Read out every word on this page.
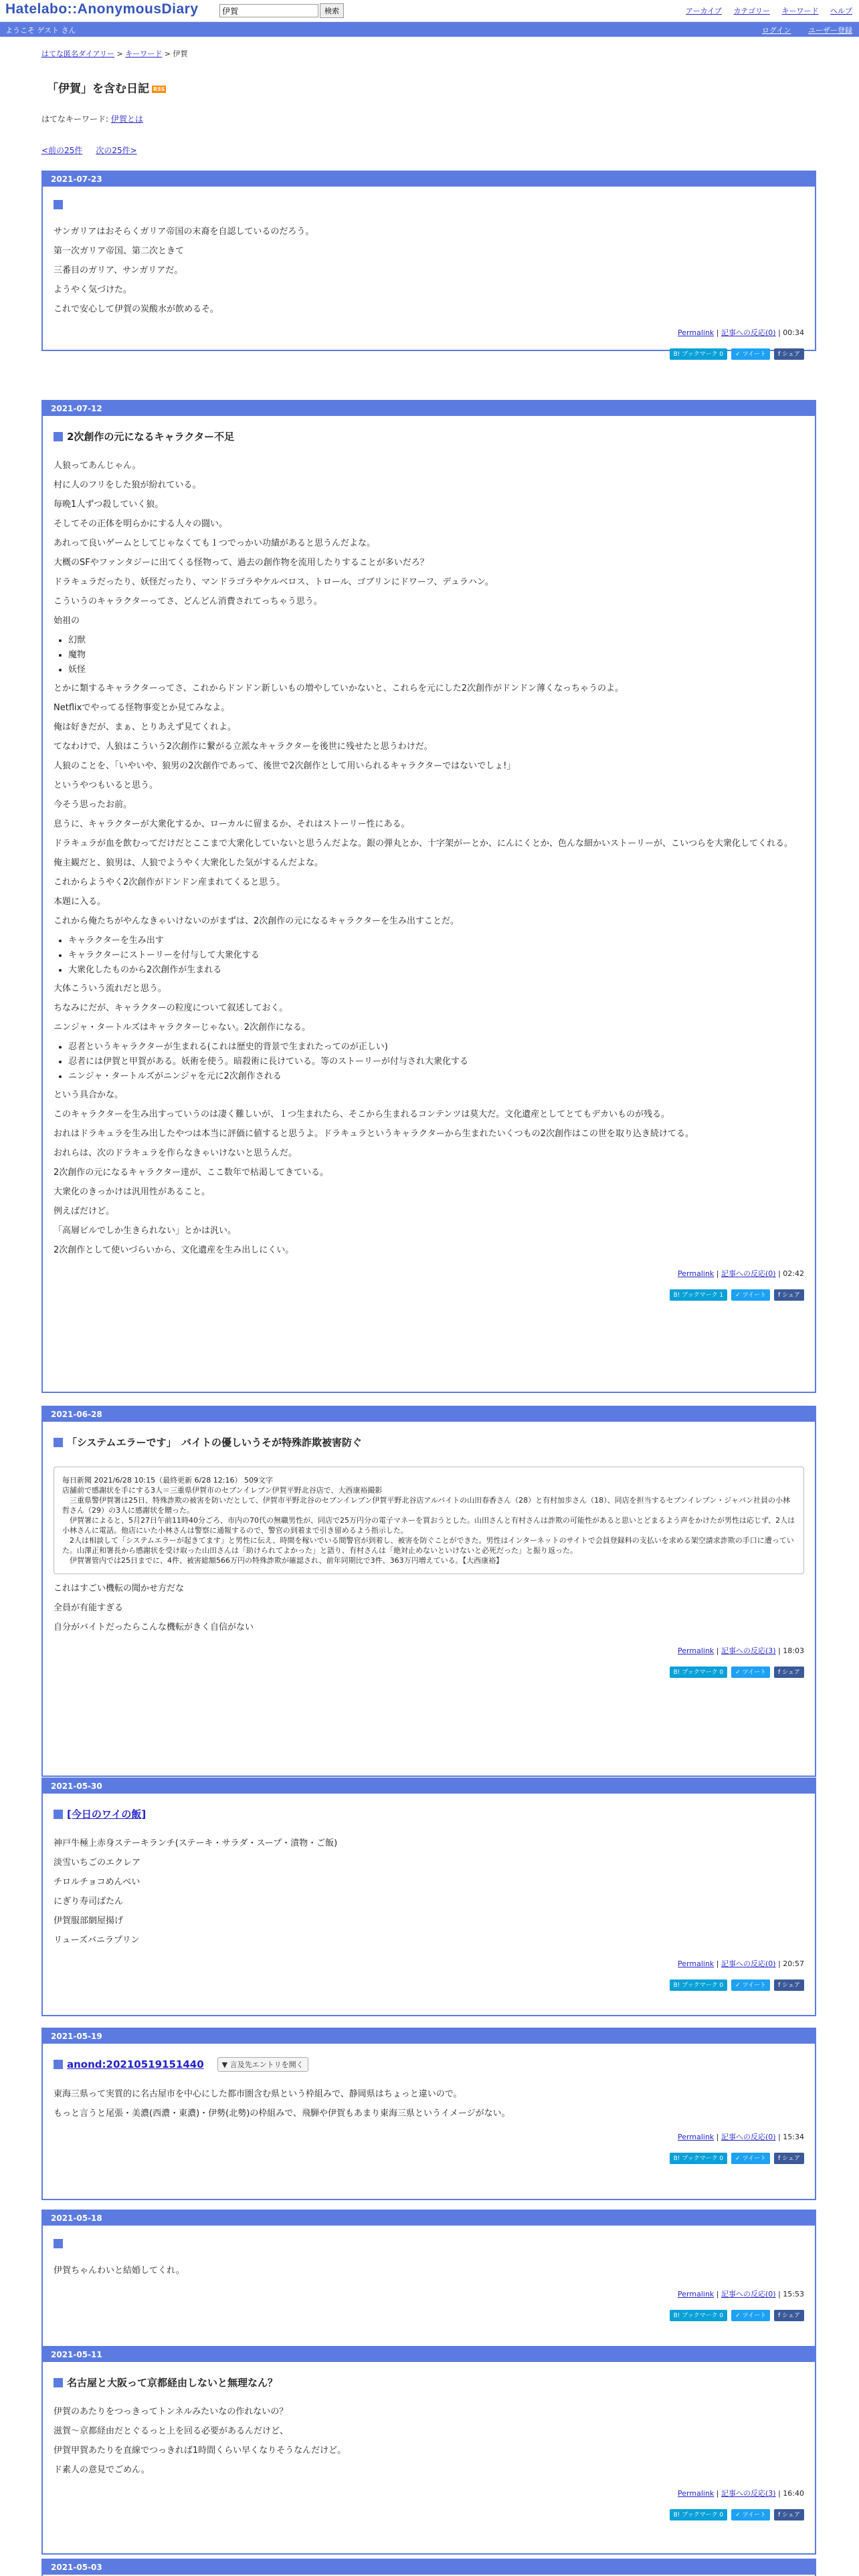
Hatelabo::AnonymousDiary
伊賀	検索	アーカイブ カテゴリー キーワード ヘルプ
ようこそ ゲスト さん	ログイン ユーザー登録
はてな匿名ダイアリー > キーワード > 伊賀
「伊賀」を含む日記 RSS
はてなキーワード: 伊賀とは
<前の25件 次の25件>
2021-07-23

サンガリアはおそらくガリア帝国の末裔を自認しているのだろう。

第一次ガリア帝国、第二次ときて

三番目のガリア、サンガリアだ。

ようやく気づけた。

これで安心して伊賀の炭酸水が飲めるそ。

Permalink | 記事への反応(0) | 00:34
B! ブックマーク 0 ✓ ツイート f シェア
2021-07-12
2次創作の元になるキャラクター不足

人狼ってあんじゃん。

村に人のフリをした狼が紛れている。

毎晩1人ずつ殺していく狼。

そしてその正体を明らかにする人々の闘い。

あれって良いゲームとしてじゃなくても１つでっかい功績があると思うんだよな。

大概のSFやファンタジーに出てくる怪物って、過去の創作物を流用したりすることが多いだろ？

ドラキュラだったり、妖怪だったり、マンドラゴラやケルベロス、トロール、ゴブリンにドワーフ、デュラハン。

こういうのキャラクターってさ、どんどん消費されてっちゃう思う。

始祖の

• 幻獣
• 魔物
• 妖怪

とかに類するキャラクターってさ、これからドンドン新しいもの増やしていかないと、これらを元にした2次創作がドンドン薄くなっちゃうのよ。

Netflixでやってる怪物事変とか見てみなよ。

俺は好きだが、まぁ、とりあえず見てくれよ。

てなわけで、人狼はこういう2次創作に繋がる立派なキャラクターを後世に残せたと思うわけだ。

人狼のことを、「いやいや、狼男の2次創作であって、後世で2次創作として用いられるキャラクターではないでしょ!」

というやつもいると思う。

今そう思ったお前。

息うに、キャラクターが大衆化するか、ローカルに留まるか、それはストーリー性にある。

ドラキュラが血を飲むってだけだとここまで大衆化していないと思うんだよな。銀の弾丸とか、十字架がーとか、にんにくとか、色んな細かいストーリーが、こいつらを大衆化してくれる。

俺主観だと、狼男は、人狼でようやく大衆化した気がするんだよな。

これからようやく2次創作がドンドン産まれてくると思う。

本題に入る。

これから俺たちがやんなきゃいけないのがまずは、2次創作の元になるキャラクターを生み出すことだ。

• キャラクターを生み出す
• キャラクターにストーリーを付与して大衆化する
• 大衆化したものから2次創作が生まれる

大体こういう流れだと思う。

ちなみにだが、キャラクターの粒度について叙述しておく。

ニンジャ・タートルズはキャラクターじゃない。2次創作になる。

• 忍者というキャラクターが生まれる(これは歴史的背景で生まれたってのが正しい)
• 忍者には伊賀と甲賀がある。妖術を使う。暗殺術に長けている。等のストーリーが付与され大衆化する
• ニンジャ・タートルズがニンジャを元に2次創作される

という具合かな。

このキャラクターを生み出すっていうのは凄く難しいが、１つ生まれたら、そこから生まれるコンテンツは莫大だ。文化遺産としてとてもデカいものが残る。

おれはドラキュラを生み出したやつは本当に評価に値すると思うよ。ドラキュラというキャラクターから生まれたいくつもの2次創作はこの世を取り込き続けてる。

おれらは、次のドラキュラを作らなきゃいけないと思うんだ。

2次創作の元になるキャラクター達が、ここ数年で枯渇してきている。

大衆化のきっかけは汎用性があること。

例えばだけど。

「高層ビルでしか生きられない」とかは汎い。

2次創作として使いづらいから、文化遺産を生み出しにくい。

Permalink | 記事への反応(0) | 02:42
B! ブックマーク 1 ✓ ツイート f シェア
2021-06-28
「システムエラーです」　バイトの優しいうそが特殊詐欺被害防ぐ

毎日新聞 2021/6/28 10:15（最終更新 6/28 12:16） 509文字

店舗前で感謝状を手にする3人＝三重県伊賀市のセブンイレブン伊賀平野北谷店で、大西康裕撮影

　三重県警伊賀署は25日、特殊詐欺の被害を防いだとして、伊賀市平野北谷のセブンイレブン伊賀平野北谷店アルバイトの山田春香さん（28）と有村加歩さん（18）、同店を担当するセブンイレブン・ジャパン社員の小林哲さん（29）の3人に感謝状を贈った。

　伊賀署によると、5月27日午前11時40分ごろ、市内の70代の無職男性が、同店で25万円分の電子マネーを買おうとした。山田さんと有村さんは詐欺の可能性があると思いとどまるよう声をかけたが男性は応じず、2人は小林さんに電話。他店にいた小林さんは警察に通報するので、警官の到着まで引き留めるよう指示した。

　2人は相談して「システムエラーが起きてます」と男性に伝え、時間を稼いでいる間警官が到着し、被害を防ぐことができた。男性はインターネットのサイトで会員登録料の支払いを求める架空請求詐欺の手口に遭っていた。山澤正和署長から感謝状を受け取った山田さんは「助けられてよかった」と語り、有村さんは「絶対止めないといけないと必死だった」と振り返った。

　伊賀署管内では25日までに、4件、被害総額566万円の特殊詐欺が確認され、前年同期比で3件、363万円増えている。【大西康裕】

これはすごい機転の聞かせ方だな

全員が有能すぎる

自分がバイトだったらこんな機転がきく自信がない

Permalink | 記事への反応(3) | 18:03
B! ブックマーク 0 ✓ ツイート f シェア
2021-05-30
[今日のワイの飯]

神戸牛極上赤身ステーキランチ(ステーキ・サラダ・スープ・漬物・ご飯)

淡雪いちごのエクレア

チロルチョコめんべい

にぎり寿司ばたん

伊賀服部網屋揚げ

リューズバニラプリン

Permalink | 記事への反応(0) | 20:57
B! ブックマーク 0 ✓ ツイート f シェア
2021-05-19
anond:20210519151440	▼ 言及先エントリを開く

東海三県って実質的に名古屋市を中心にした都市圏含む県という枠組みで、静岡県はちょっと違いので。

もっと言うと尾張・美濃(西濃・東濃)・伊勢(北勢)の枠組みで、飛騨や伊賀もあまり東海三県というイメージがない。

Permalink | 記事への反応(0) | 15:34
B! ブックマーク 0 ✓ ツイート f シェア
2021-05-18

伊賀ちゃんわいと結婚してくれ。

Permalink | 記事への反応(0) | 15:53
B! ブックマーク 0 ✓ ツイート f シェア
2021-05-11
名古屋と大阪って京都経由しないと無理なん？

伊賀のあたりをつっきってトンネルみたいなの作れないの？

滋賀～京都経由だとぐるっと上を回る必要があるんだけど、

伊賀甲賀あたりを直線でつっきれば1時間くらい早くなりそうなんだけど。

ド素人の意見でごめん。

Permalink | 記事への反応(3) | 16:40
B! ブックマーク 0 ✓ ツイート f シェア
2021-05-03
